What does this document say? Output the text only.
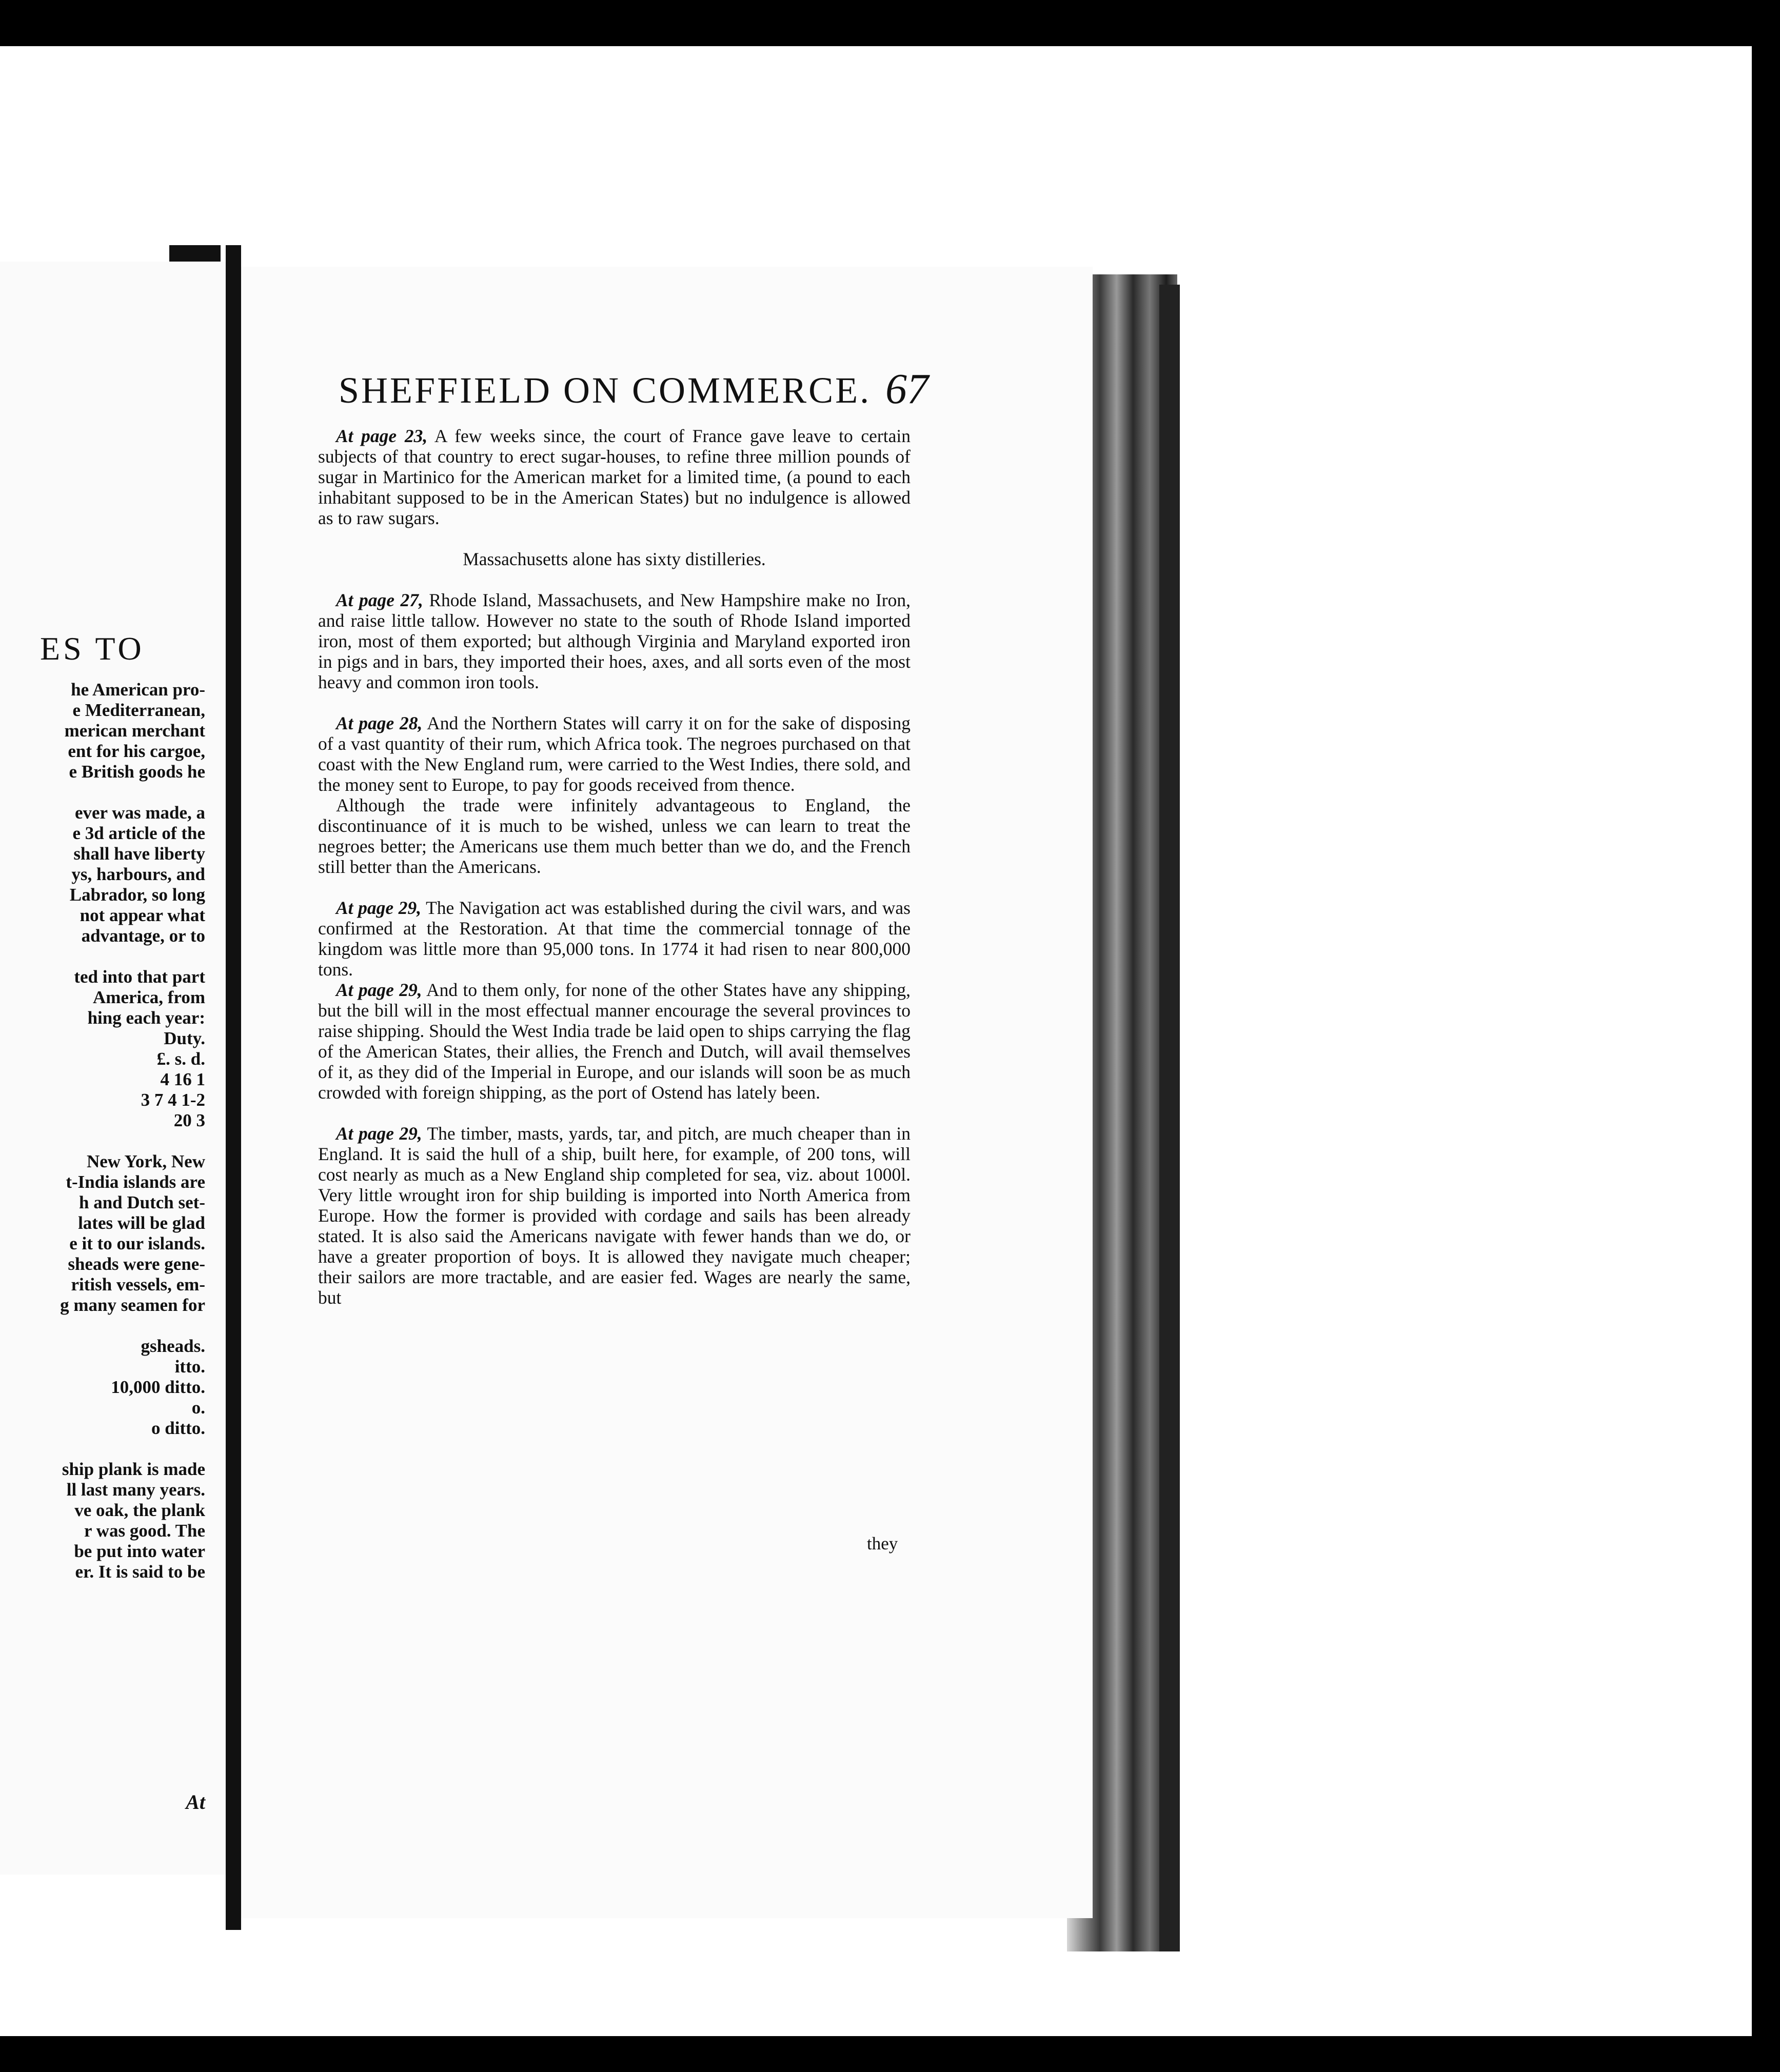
ES TO
he American pro-
e Mediterranean,
merican merchant
ent for his cargoe,
e British goods he
ever was made, a
e 3d article of the
shall have liberty
ys, harbours, and
Labrador, so long
not appear what
advantage, or to
ted into that part
America, from
hing each year:
Duty.
£. s. d.
4 16 1
3 7 4 1-2
20 3
New York, New
t-India islands are
h and Dutch set-
lates will be glad
e it to our islands.
sheads were gene-
ritish vessels, em-
g many seamen for
gsheads.
itto.
10,000 ditto.
o.
o ditto.
ship plank is made
ll last many years.
ve oak, the plank
r was good. The
be put into water
er. It is said to be
At
SHEFFIELD ON COMMERCE. 67
At page 23, A few weeks since, the court of France gave leave to certain subjects of that country to erect sugar-houses, to refine three million pounds of sugar in Martinico for the American market for a limited time, (a pound to each inhabitant supposed to be in the American States) but no indulgence is allowed as to raw sugars.
Massachusetts alone has sixty distilleries.
At page 27, Rhode Island, Massachusets, and New Hampshire make no Iron, and raise little tallow. However no state to the south of Rhode Island imported iron, most of them exported; but although Virginia and Maryland exported iron in pigs and in bars, they imported their hoes, axes, and all sorts even of the most heavy and common iron tools.
At page 28, And the Northern States will carry it on for the sake of disposing of a vast quantity of their rum, which Africa took. The negroes purchased on that coast with the New England rum, were carried to the West Indies, there sold, and the money sent to Europe, to pay for goods received from thence.
Although the trade were infinitely advantageous to England, the discontinuance of it is much to be wished, unless we can learn to treat the negroes better; the Americans use them much better than we do, and the French still better than the Americans.
At page 29, The Navigation act was established during the civil wars, and was confirmed at the Restoration. At that time the commercial tonnage of the kingdom was little more than 95,000 tons. In 1774 it had risen to near 800,000 tons.
At page 29, And to them only, for none of the other States have any shipping, but the bill will in the most effectual manner encourage the several provinces to raise shipping. Should the West India trade be laid open to ships carrying the flag of the American States, their allies, the French and Dutch, will avail themselves of it, as they did of the Imperial in Europe, and our islands will soon be as much crowded with foreign shipping, as the port of Ostend has lately been.
At page 29, The timber, masts, yards, tar, and pitch, are much cheaper than in England. It is said the hull of a ship, built here, for example, of 200 tons, will cost nearly as much as a New England ship completed for sea, viz. about 1000l. Very little wrought iron for ship building is imported into North America from Europe. How the former is provided with cordage and sails has been already stated. It is also said the Americans navigate with fewer hands than we do, or have a greater proportion of boys. It is allowed they navigate much cheaper; their sailors are more tractable, and are easier fed. Wages are nearly the same, but
they
